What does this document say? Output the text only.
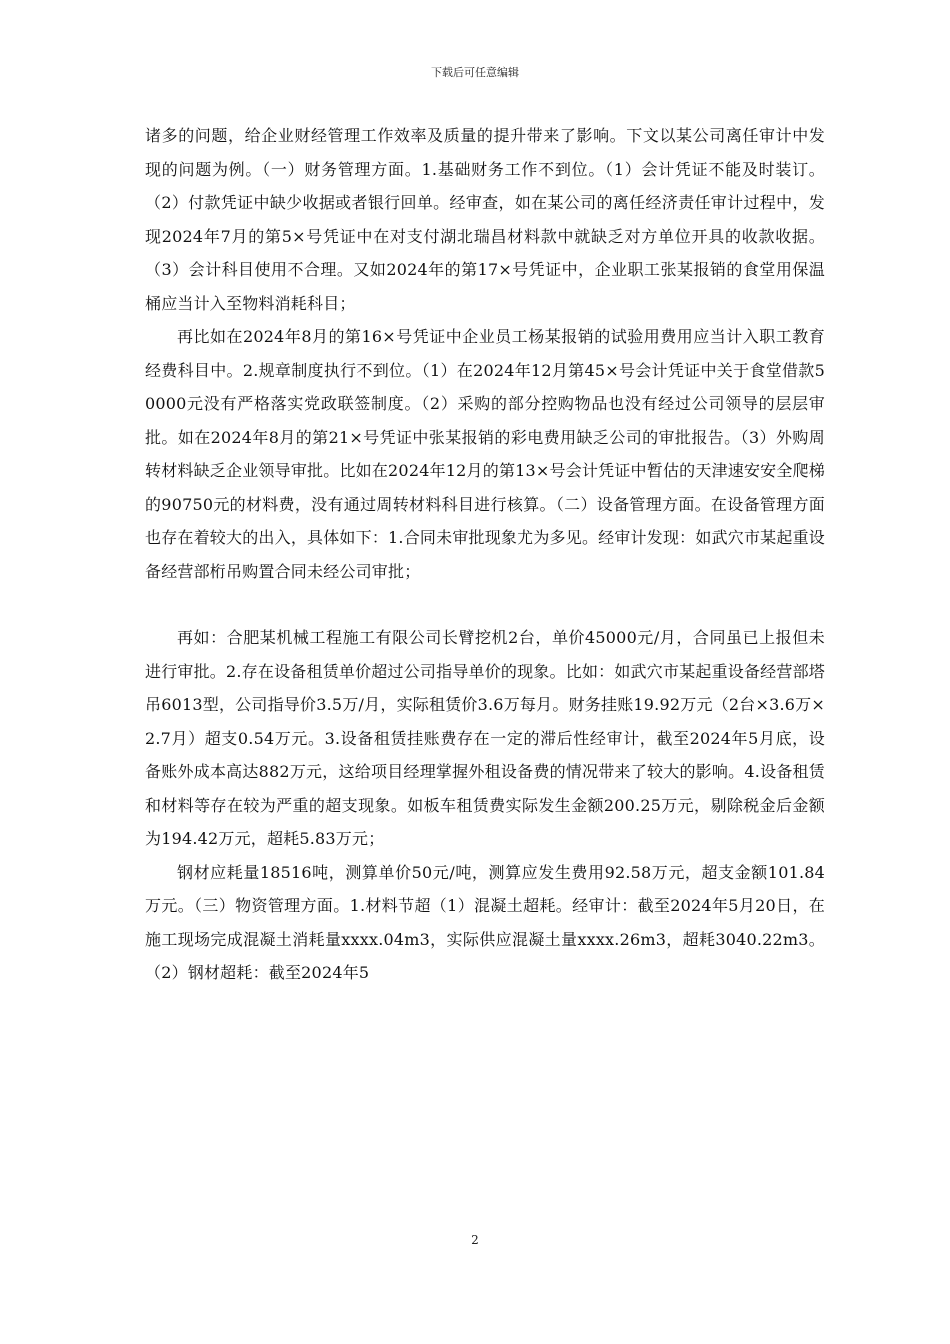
下载后可任意编辑

诸多的问题，给企业财经管理工作效率及质量的提升带来了影响。下文以某公司离任审计中发现的问题为例。（一）财务管理方面。1.基础财务工作不到位。（1）会计凭证不能及时装订。（2）付款凭证中缺少收据或者银行回单。经审查，如在某公司的离任经济责任审计过程中，发现2024年7月的第5×号凭证中在对支付湖北瑞昌材料款中就缺乏对方单位开具的收款收据。（3）会计科目使用不合理。又如2024年的第17×号凭证中，企业职工张某报销的食堂用保温桶应当计入至物料消耗科目；

再比如在2024年8月的第16×号凭证中企业员工杨某报销的试验用费用应当计入职工教育经费科目中。2.规章制度执行不到位。（1）在2024年12月第45×号会计凭证中关于食堂借款50000元没有严格落实党政联签制度。（2）采购的部分控购物品也没有经过公司领导的层层审批。如在2024年8月的第21×号凭证中张某报销的彩电费用缺乏公司的审批报告。（3）外购周转材料缺乏企业领导审批。比如在2024年12月的第13×号会计凭证中暂估的天津速安安全爬梯的90750元的材料费，没有通过周转材料科目进行核算。（二）设备管理方面。在设备管理方面也存在着较大的出入，具体如下：1.合同未审批现象尤为多见。经审计发现：如武穴市某起重设备经营部桁吊购置合同未经公司审批；

再如：合肥某机械工程施工有限公司长臂挖机2台，单价45000元/月，合同虽已上报但未进行审批。2.存在设备租赁单价超过公司指导单价的现象。比如：如武穴市某起重设备经营部塔吊6013型，公司指导价3.5万/月，实际租赁价3.6万每月。财务挂账19.92万元（2台×3.6万×2.7月）超支0.54万元。3.设备租赁挂账费存在一定的滞后性经审计，截至2024年5月底，设备账外成本高达882万元，这给项目经理掌握外租设备费的情况带来了较大的影响。4.设备租赁和材料等存在较为严重的超支现象。如板车租赁费实际发生金额200.25万元，剔除税金后金额为194.42万元，超耗5.83万元；

钢材应耗量18516吨，测算单价50元/吨，测算应发生费用92.58万元，超支金额101.84万元。（三）物资管理方面。1.材料节超（1）混凝土超耗。经审计：截至2024年5月20日，在施工现场完成混凝土消耗量xxxx.04m3，实际供应混凝土量xxxx.26m3，超耗3040.22m3。（2）钢材超耗：截至2024年5

2
